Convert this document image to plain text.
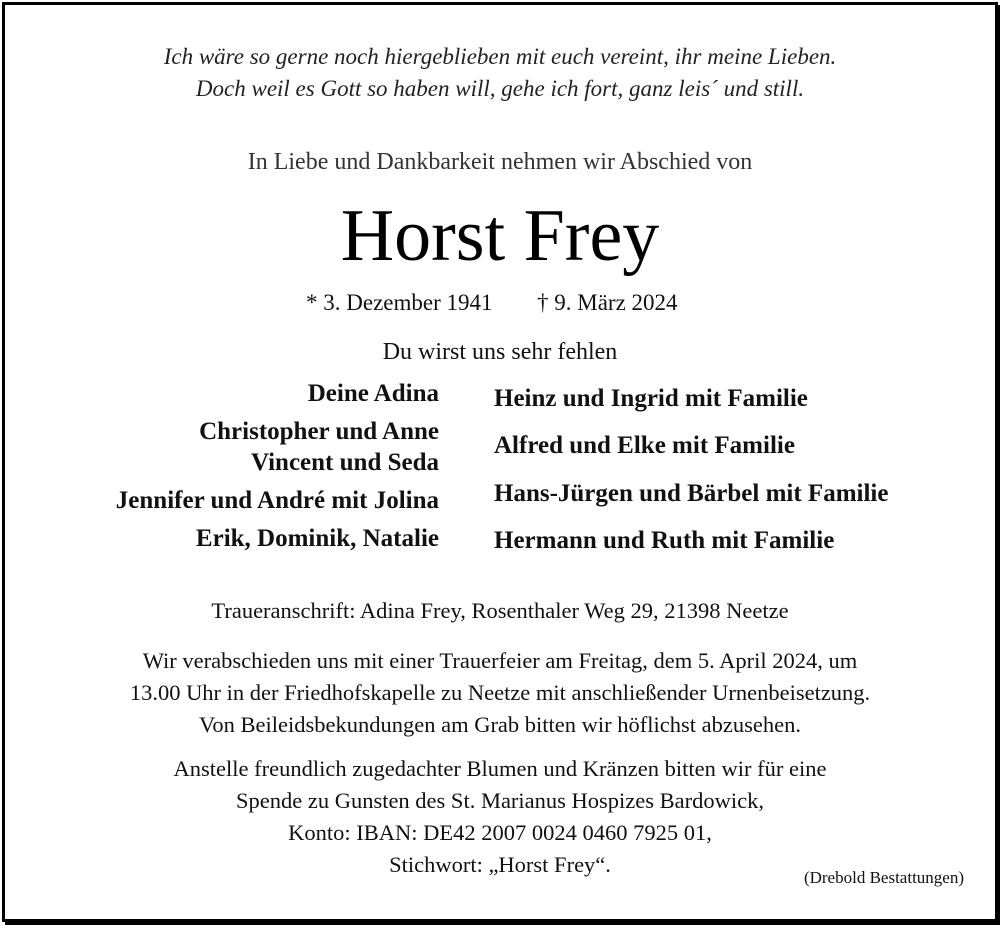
Ich wäre so gerne noch hiergeblieben mit euch vereint, ihr meine Lieben.
Doch weil es Gott so haben will, gehe ich fort, ganz leis´ und still.
In Liebe und Dankbarkeit nehmen wir Abschied von
Horst Frey
* 3. Dezember 1941 † 9. März 2024
Du wirst uns sehr fehlen
Deine Adina
Christopher und Anne
Vincent und Seda
Jennifer und André mit Jolina
Erik, Dominik, Natalie
Heinz und Ingrid mit Familie
Alfred und Elke mit Familie
Hans-Jürgen und Bärbel mit Familie
Hermann und Ruth mit Familie
Traueranschrift: Adina Frey, Rosenthaler Weg 29, 21398 Neetze
Wir verabschieden uns mit einer Trauerfeier am Freitag, dem 5. April 2024, um
13.00 Uhr in der Friedhofskapelle zu Neetze mit anschließender Urnenbeisetzung.
Von Beileidsbekundungen am Grab bitten wir höflichst abzusehen.
Anstelle freundlich zugedachter Blumen und Kränzen bitten wir für eine
Spende zu Gunsten des St. Marianus Hospizes Bardowick,
Konto: IBAN: DE42 2007 0024 0460 7925 01,
Stichwort: „Horst Frey“.
(Drebold Bestattungen)
